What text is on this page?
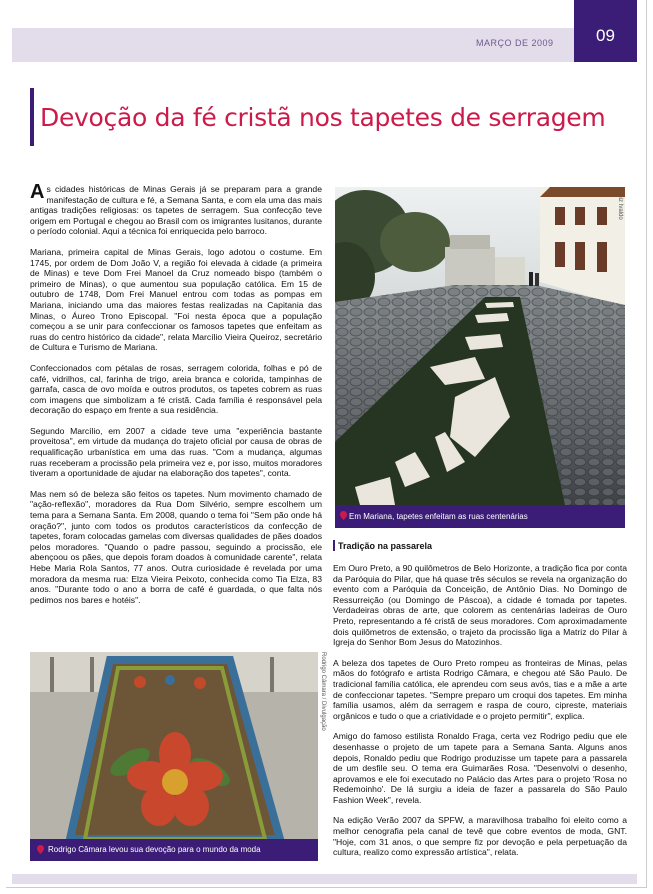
MARÇO DE 2009	09
Devoção da fé cristã nos tapetes de serragem

As cidades históricas de Minas Gerais já se preparam para a grande manifestação de cultura e fé, a Semana Santa, e com ela uma das mais antigas tradições religiosas: os tapetes de serragem. Sua confecção teve origem em Portugal e chegou ao Brasil com os imigrantes lusitanos, durante o período colonial. Aqui a técnica foi enriquecida pelo barroco.

Mariana, primeira capital de Minas Gerais, logo adotou o costume. Em 1745, por ordem de Dom João V, a região foi elevada à cidade (a primeira de Minas) e teve Dom Frei Manoel da Cruz nomeado bispo (também o primeiro de Minas), o que aumentou sua população católica. Em 15 de outubro de 1748, Dom Frei Manuel entrou com todas as pompas em Mariana, iniciando uma das maiores festas realizadas na Capitania das Minas, o Áureo Trono Episcopal. "Foi nesta época que a população começou a se unir para confeccionar os famosos tapetes que enfeitam as ruas do centro histórico da cidade", relata Marcílio Vieira Queiroz, secretário de Cultura e Turismo de Mariana.

Confeccionados com pétalas de rosas, serragem colorida, folhas e pó de café, vidrilhos, cal, farinha de trigo, areia branca e colorida, tampinhas de garrafa, casca de ovo moída e outros produtos, os tapetes cobrem as ruas com imagens que simbolizam a fé cristã. Cada família é responsável pela decoração do espaço em frente a sua residência.

Segundo Marcílio, em 2007 a cidade teve uma "experiência bastante proveitosa", em virtude da mudança do trajeto oficial por causa de obras de requalificação urbanística em uma das ruas. "Com a mudança, algumas ruas receberam a procissão pela primeira vez e, por isso, muitos moradores tiveram a oportunidade de ajudar na elaboração dos tapetes", conta.

Mas nem só de beleza são feitos os tapetes. Num movimento chamado de "ação-reflexão", moradores da Rua Dom Silvério, sempre escolhem um tema para a Semana Santa. Em 2008, quando o tema foi "Sem pão onde há oração?", junto com todos os produtos característicos da confecção de tapetes, foram colocadas gamelas com diversas qualidades de pães doados pelos moradores. "Quando o padre passou, seguindo a procissão, ele abençoou os pães, que depois foram doados à comunidade carente", relata Hebe Maria Rola Santos, 77 anos. Outra curiosidade é revelada por uma moradora da mesma rua: Elza Vieira Peixoto, conhecida como Tia Elza, 83 anos. "Durante todo o ano a borra de café é guardada, o que falta nós pedimos nos bares e hotéis".

Luiz Ivaldo
Em Mariana, tapetes enfeitam as ruas centenárias
Tradição na passarela

Em Ouro Preto, a 90 quilômetros de Belo Horizonte, a tradição fica por conta da Paróquia do Pilar, que há quase três séculos se revela na organização do evento com a Paróquia da Conceição, de Antônio Dias. No Domingo de Ressurreição (ou Domingo de Páscoa), a cidade é tomada por tapetes. Verdadeiras obras de arte, que colorem as centenárias ladeiras de Ouro Preto, representando a fé cristã de seus moradores. Com aproximadamente dois quilômetros de extensão, o trajeto da procissão liga a Matriz do Pilar à Igreja do Senhor Bom Jesus do Matozinhos.

A beleza dos tapetes de Ouro Preto rompeu as fronteiras de Minas, pelas mãos do fotógrafo e artista Rodrigo Câmara, e chegou até São Paulo. De tradicional família católica, ele aprendeu com seus avós, tias e a mãe a arte de confeccionar tapetes. "Sempre preparo um croqui dos tapetes. Em minha família usamos, além da serragem e raspa de couro, cipreste, materiais orgânicos e tudo o que a criatividade e o projeto permitir", explica.

Amigo do famoso estilista Ronaldo Fraga, certa vez Rodrigo pediu que ele desenhasse o projeto de um tapete para a Semana Santa. Alguns anos depois, Ronaldo pediu que Rodrigo produzisse um tapete para a passarela de um desfile seu. O tema era Guimarães Rosa. "Desenvolvi o desenho, aprovamos e ele foi executado no Palácio das Artes para o projeto 'Rosa no Redemoinho'. De lá surgiu a ideia de fazer a passarela do São Paulo Fashion Week", revela.

Na edição Verão 2007 da SPFW, a maravilhosa trabalho foi eleito como a melhor cenografia pela canal de tevê que cobre eventos de moda, GNT. "Hoje, com 31 anos, o que sempre fiz por devoção e pela perpetuação da cultura, realizo como expressão artística", relata.

Rodrigo Câmara / Divulgação
Rodrigo Câmara levou sua devoção para o mundo da moda
